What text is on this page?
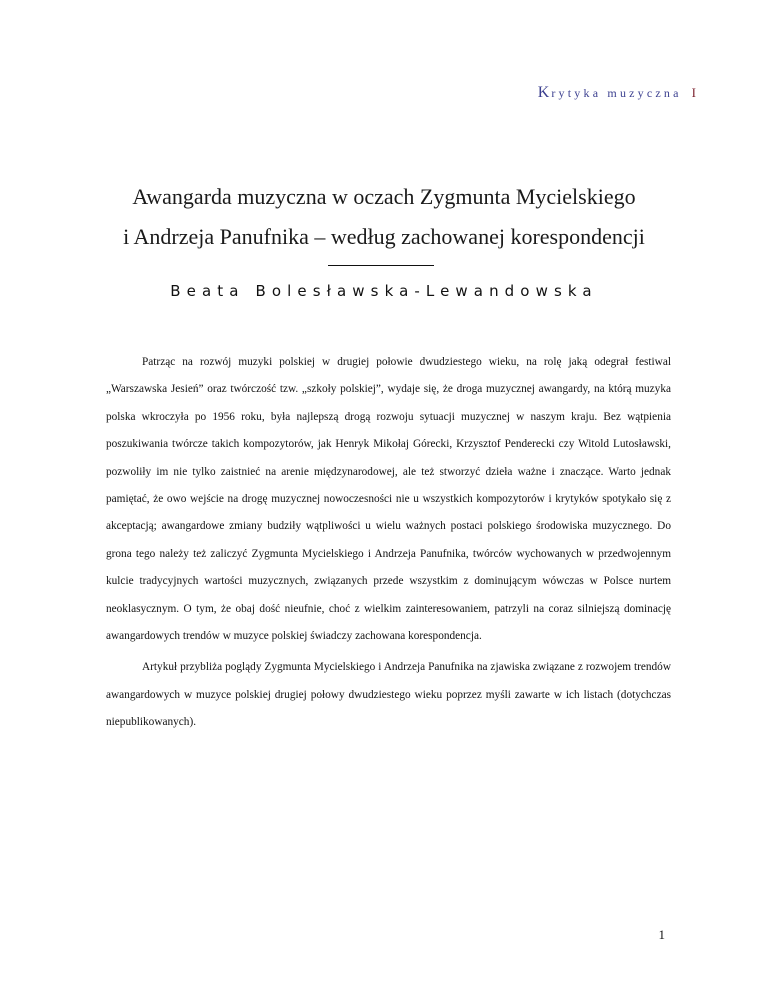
Krytyka muzyczna I
Awangarda muzyczna w oczach Zygmunta Mycielskiego
i Andrzeja Panufnika – według zachowanej korespondencji
Beata Bolesławska-Lewandowska

Patrząc na rozwój muzyki polskiej w drugiej połowie dwudziestego wieku, na rolę jaką odegrał festiwal „Warszawska Jesień” oraz twórczość tzw. „szkoły polskiej”, wydaje się, że droga muzycznej awangardy, na którą muzyka polska wkroczyła po 1956 roku, była najlepszą drogą rozwoju sytuacji muzycznej w naszym kraju. Bez wątpienia poszukiwania twórcze takich kompozytorów, jak Henryk Mikołaj Górecki, Krzysztof Penderecki czy Witold Lutosławski, pozwoliły im nie tylko zaistnieć na arenie międzynarodowej, ale też stworzyć dzieła ważne i znaczące. Warto jednak pamiętać, że owo wejście na drogę muzycznej nowoczesności nie u wszystkich kompozytorów i krytyków spotykało się z akceptacją; awangardowe zmiany budziły wątpliwości u wielu ważnych postaci polskiego środowiska muzycznego. Do grona tego należy też zaliczyć Zygmunta Mycielskiego i Andrzeja Panufnika, twórców wychowanych w przedwojennym kulcie tradycyjnych wartości muzycznych, związanych przede wszystkim z dominującym wówczas w Polsce nurtem neoklasycznym. O tym, że obaj dość nieufnie, choć z wielkim zainteresowaniem, patrzyli na coraz silniejszą dominację awangardowych trendów w muzyce polskiej świadczy zachowana korespondencja.

Artykuł przybliża poglądy Zygmunta Mycielskiego i Andrzeja Panufnika na zjawiska związane z rozwojem trendów awangardowych w muzyce polskiej drugiej połowy dwudziestego wieku poprzez myśli zawarte w ich listach (dotychczas niepublikowanych).

1
